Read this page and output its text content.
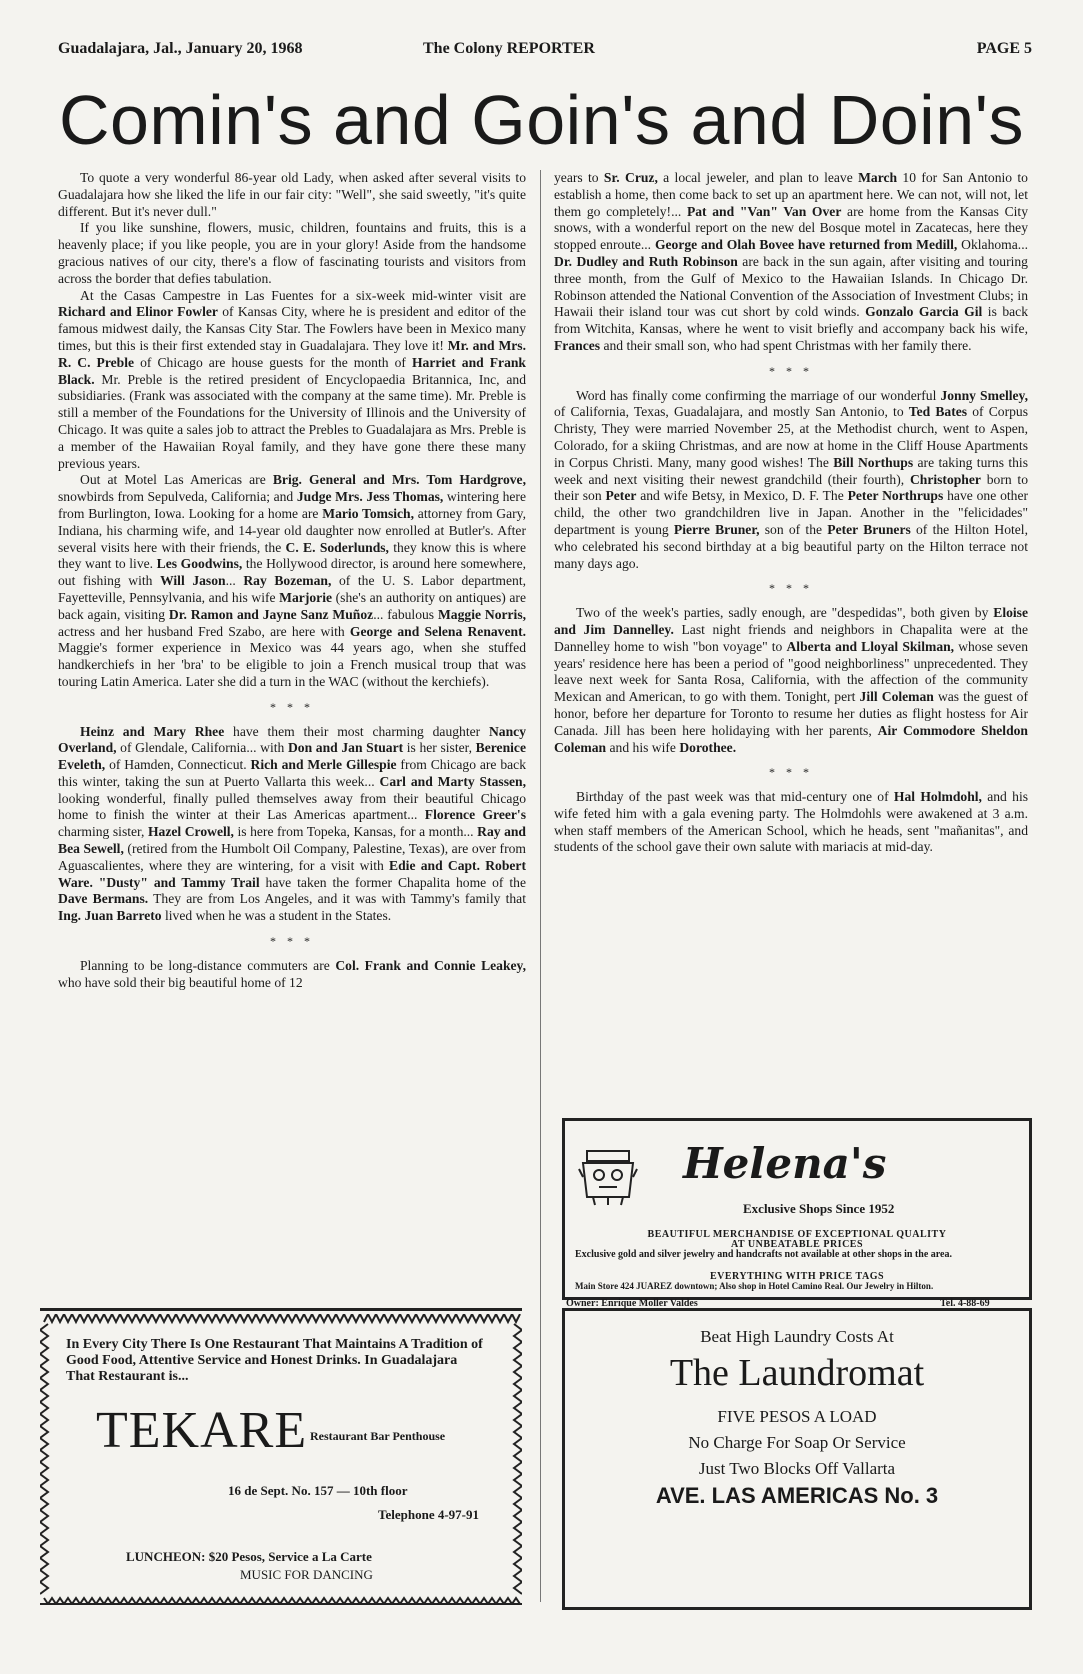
Guadalajara, Jal., January 20, 1968	The Colony REPORTER	PAGE 5
Comin's and Goin's and Doin's

To quote a very wonderful 86-year old Lady, when asked after several visits to Guadalajara how she liked the life in our fair city: "Well", she said sweetly, "it's quite different. But it's never dull."

If you like sunshine, flowers, music, children, fountains and fruits, this is a heavenly place; if you like people, you are in your glory! Aside from the handsome gracious natives of our city, there's a flow of fascinating tourists and visitors from across the border that defies tabulation.

At the Casas Campestre in Las Fuentes for a six-week mid-winter visit are Richard and Elinor Fowler of Kansas City, where he is president and editor of the famous midwest daily, the Kansas City Star. The Fowlers have been in Mexico many times, but this is their first extended stay in Guadalajara. They love it! Mr. and Mrs. R. C. Preble of Chicago are house guests for the month of Harriet and Frank Black. Mr. Preble is the retired president of Encyclopaedia Britannica, Inc, and subsidiaries. (Frank was associated with the company at the same time). Mr. Preble is still a member of the Foundations for the University of Illinois and the University of Chicago. It was quite a sales job to attract the Prebles to Guadalajara as Mrs. Preble is a member of the Hawaiian Royal family, and they have gone there these many previous years.

Out at Motel Las Americas are Brig. General and Mrs. Tom Hardgrove, snowbirds from Sepulveda, California; and Judge Mrs. Jess Thomas, wintering here from Burlington, Iowa. Looking for a home are Mario Tomsich, attorney from Gary, Indiana, his charming wife, and 14-year old daughter now enrolled at Butler's. After several visits here with their friends, the C. E. Soderlunds, they know this is where they want to live. Les Goodwins, the Hollywood director, is around here somewhere, out fishing with Will Jason... Ray Bozeman, of the U. S. Labor department, Fayetteville, Pennsylvania, and his wife Marjorie (she's an authority on antiques) are back again, visiting Dr. Ramon and Jayne Sanz Muñoz... fabulous Maggie Norris, actress and her husband Fred Szabo, are here with George and Selena Renavent. Maggie's former experience in Mexico was 44 years ago, when she stuffed handkerchiefs in her 'bra' to be eligible to join a French musical troup that was touring Latin America. Later she did a turn in the WAC (without the kerchiefs).

* * *

Heinz and Mary Rhee have them their most charming daughter Nancy Overland, of Glendale, California... with Don and Jan Stuart is her sister, Berenice Eveleth, of Hamden, Connecticut. Rich and Merle Gillespie from Chicago are back this winter, taking the sun at Puerto Vallarta this week... Carl and Marty Stassen, looking wonderful, finally pulled themselves away from their beautiful Chicago home to finish the winter at their Las Americas apartment... Florence Greer's charming sister, Hazel Crowell, is here from Topeka, Kansas, for a month... Ray and Bea Sewell, (retired from the Humbolt Oil Company, Palestine, Texas), are over from Aguascalientes, where they are wintering, for a visit with Edie and Capt. Robert Ware. "Dusty" and Tammy Trail have taken the former Chapalita home of the Dave Bermans. They are from Los Angeles, and it was with Tammy's family that Ing. Juan Barreto lived when he was a student in the States.

* * *

Planning to be long-distance commuters are Col. Frank and Connie Leakey, who have sold their big beautiful home of 12

years to Sr. Cruz, a local jeweler, and plan to leave March 10 for San Antonio to establish a home, then come back to set up an apartment here. We can not, will not, let them go completely!... Pat and "Van" Van Over are home from the Kansas City snows, with a wonderful report on the new del Bosque motel in Zacatecas, here they stopped enroute... George and Olah Bovee have returned from Medill, Oklahoma... Dr. Dudley and Ruth Robinson are back in the sun again, after visiting and touring three month, from the Gulf of Mexico to the Hawaiian Islands. In Chicago Dr. Robinson attended the National Convention of the Association of Investment Clubs; in Hawaii their island tour was cut short by cold winds. Gonzalo Garcia Gil is back from Witchita, Kansas, where he went to visit briefly and accompany back his wife, Frances and their small son, who had spent Christmas with her family there.

* * *

Word has finally come confirming the marriage of our wonderful Jonny Smelley, of California, Texas, Guadalajara, and mostly San Antonio, to Ted Bates of Corpus Christy, They were married November 25, at the Methodist church, went to Aspen, Colorado, for a skiing Christmas, and are now at home in the Cliff House Apartments in Corpus Christi. Many, many good wishes! The Bill Northups are taking turns this week and next visiting their newest grandchild (their fourth), Christopher born to their son Peter and wife Betsy, in Mexico, D. F. The Peter Northrups have one other child, the other two grandchildren live in Japan. Another in the "felicidades" department is young Pierre Bruner, son of the Peter Bruners of the Hilton Hotel, who celebrated his second birthday at a big beautiful party on the Hilton terrace not many days ago.

* * *

Two of the week's parties, sadly enough, are "despedidas", both given by Eloise and Jim Dannelley. Last night friends and neighbors in Chapalita were at the Dannelley home to wish "bon voyage" to Alberta and Lloyal Skilman, whose seven years' residence here has been a period of "good neighborliness" unprecedented. They leave next week for Santa Rosa, California, with the affection of the community Mexican and American, to go with them. Tonight, pert Jill Coleman was the guest of honor, before her departure for Toronto to resume her duties as flight hostess for Air Canada. Jill has been here holidaying with her parents, Air Commodore Sheldon Coleman and his wife Dorothee.

* * *

Birthday of the past week was that mid-century one of Hal Holmdohl, and his wife feted him with a gala evening party. The Holmdohls were awakened at 3 a.m. when staff members of the American School, which he heads, sent "mañanitas", and students of the school gave their own salute with mariacis at mid-day.

Helena's
Exclusive Shops Since 1952
BEAUTIFUL MERCHANDISE OF EXCEPTIONAL QUALITY
AT UNBEATABLE PRICES
Exclusive gold and silver jewelry and handcrafts not available at other shops in the area.
EVERYTHING WITH PRICE TAGS
Main Store 424 JUAREZ downtown; Also shop in Hotel Camino Real. Our Jewelry in Hilton.
Owner: Enrique Moller Valdes	Tel. 4-88-69
In Every City There Is One Restaurant That Maintains A Tradition of Good Food, Attentive Service and Honest Drinks. In Guadalajara That Restaurant is...
TEKARE Restaurant Bar Penthouse
16 de Sept. No. 157 — 10th floor
Telephone 4-97-91
LUNCHEON: $20 Pesos, Service a La Carte
MUSIC FOR DANCING
Beat High Laundry Costs At
The Laundromat
FIVE PESOS A LOAD
No Charge For Soap Or Service
Just Two Blocks Off Vallarta
AVE. LAS AMERICAS No. 3
